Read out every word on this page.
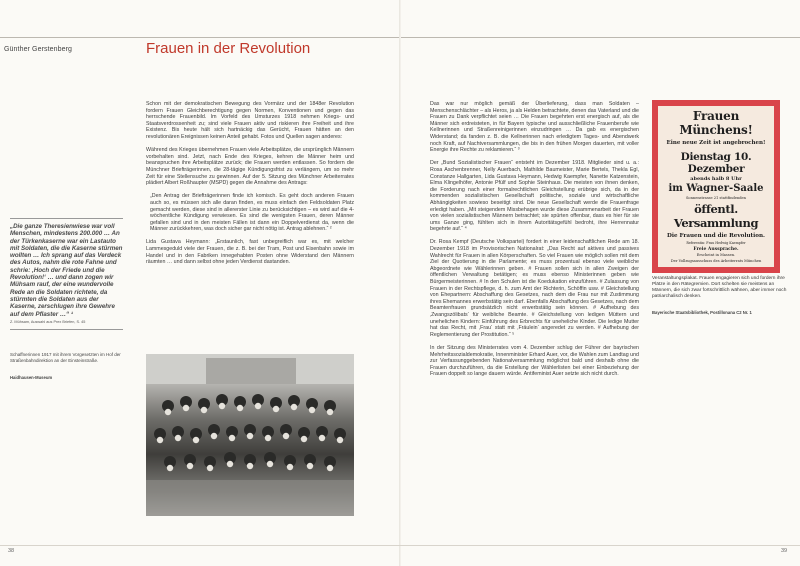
Günther Gerstenberg	Frauen in der Revolution
„Die ganze Theresienwiese war voll Menschen, mindestens 200.000 … An der Türkenkaserne war ein Lastauto mit Soldaten, die die Kaserne stürmen wollten … Ich sprang auf das Verdeck des Autos, nahm die rote Fahne und schrie: ‚Hoch der Friede und die Revolution!‘ … und dann zogen wir Mühsam rauf, der eine wundervolle Rede an die Soldaten richtete, da stürmten die Soldaten aus der Kaserne, zerschlugen ihre Gewehre auf dem Pflaster …“ ¹
Z. Mühsam, Auswahl aus Prex Briefen, S. 45
Schaffnerinnen 1917 mit ihrem Vorgesetzten im Hof der Straßenbahndirektion an der Einsteinstraße.
Haidhausen-Museum

Schon mit der demokratischen Bewegung des Vormärz und der 1848er Revolution fordern Frauen Gleichberechtigung gegen Normen, Konventionen und gegen das herrschende Frauenbild. Im Vorfeld des Umsturzes 1918 nehmen Kriegs- und Staatsverdrossenheit zu; sind viele Frauen aktiv und riskieren ihre Freiheit und ihre Existenz. Bis heute hält sich hartnäckig das Gerücht, Frauen hätten an den revolutionären Ereignissen keinen Anteil gehabt. Fotos und Quellen sagen anderes:

Während des Krieges übernehmen Frauen viele Arbeitsplätze, die ursprünglich Männern vorbehalten sind. Jetzt, nach Ende des Krieges, kehren die Männer heim und beanspruchen ihre Arbeitsplätze zurück; die Frauen werden entlassen. So fordern die Münchner Briefträgerinnen, die 28-tägige Kündigungsfrist zu verlängern, um so mehr Zeit für eine Stellensuche zu gewinnen. Auf der 5. Sitzung des Münchner Arbeiterrates plädiert Albert Roßhaupter (MSPD) gegen die Annahme des Antrags:

„Den Antrag der Briefträgerinnen finde ich komisch. Es geht doch anderen Frauen auch so, es müssen sich alle daran finden, es muss einfach den Feldsoldaten Platz gemacht werden, diese sind in allererster Linie zu berücksichtigen – es wird auf die 4-wöchentliche Kündigung verwiesen. Es sind die wenigsten Frauen, deren Männer gefallen sind und in den meisten Fällen ist dann ein Doppelverdienst da, wenn die Männer zurückkehren, was doch sicher gar nicht nötig ist. Antrag ablehnen.“ ²

Lida Gustava Heymann: „Erstaunlich, fast unbegreiflich war es, mit welcher Lammesgeduld viele der Frauen, die z. B. bei der Tram, Post und Eisenbahn sowie im Handel und in den Fabriken innegehabten Posten ohne Widerstand den Männern räumten … und dann selbst ohne jeden Verdienst dastanden.

Das war nur möglich gemäß der Überlieferung, dass man Soldaten – Menschenschlächter – als Heros, ja als Helden betrachtete, denen das Vaterland und die Frauen zu Dank verpflichtet seien … Die Frauen begehrten erst energisch auf, als die Männer sich erdreisteten, in für Bayern typische und ausschließliche Frauenberufe wie Kellnerinnen und Straßenreinigerinnen einzudringen … Da gab es energischen Widerstand; da fanden z. B. die Kellnerinnen nach erledigtem Tages- und Abendwerk noch Kraft, auf Nachtversammlungen, die bis in den frühen Morgen dauerten, mit voller Energie ihre Rechte zu reklamieren.“ ³

Der „Bund Sozialistischer Frauen“ entsteht im Dezember 1918. Mitglieder sind u. a.: Rosa Aschenbrenner, Nelly Auerbach, Mathilde Baumeister, Marie Bertels, Thekla Egl, Constanze Hallgarten, Lida Gustava Heymann, Hedwig Kaempfer, Nanette Katzenstein, Elma Klingelhöfer, Antonie Pfülf und Sophie Steinhaus. Die meisten von ihnen denken, die Forderung nach einer formalrechtlichen Gleichstellung erübrige sich, da in der kommenden sozialistischen Gesellschaft politische, soziale und wirtschaftliche Abhängigkeiten sowieso beseitigt sind. Die neue Gesellschaft werde die Frauenfrage erledigt haben. „Mit steigendem Missbehagen wurde diese Zusammenarbeit der Frauen von vielen sozialistischen Männern betrachtet; sie spürten offenbar, dass es hier für sie ums Ganze ging, fühlten sich in ihrem Autoritätsgefühl bedroht, ihre Herrennatur begehrte auf.“ ⁴

Dr. Rosa Kempf (Deutsche Volkspartei) fordert in einer leidenschaftlichen Rede am 18. Dezember 1918 im Provisorischen Nationalrat: „Das Recht auf aktives und passives Wahlrecht für Frauen in allen Körperschaften. So viel Frauen wie möglich sollen mit dem Ziel der Quotierung in die Parlamente; es muss prozentual ebenso viele weibliche Abgeordnete wie Wählerinnen geben. # Frauen sollen sich in allen Zweigen der öffentlichen Verwaltung betätigen; es muss ebenso Ministerinnen geben wie Bürgermeisterinnen. # In den Schulen ist die Koedukation einzuführen. # Zulassung von Frauen in der Rechtspflege, d. h. zum Amt der Richterin, Schöffin usw. # Gleichstellung von Ehepartnern: Abschaffung des Gesetzes, nach dem die Frau nur mit Zustimmung ihres Ehemannes erwerbstätig sein darf. Ebenfalls Abschaffung des Gesetzes, nach dem Beamtenfrauen grundsätzlich nicht erwerbstätig sein können. # Aufhebung des ‚Zwangszölibats‘ für weibliche Beamte. # Gleichstellung von ledigen Müttern und unehelichen Kindern: Einführung des Erbrechts für uneheliche Kinder. Die ledige Mutter hat das Recht, mit ‚Frau‘ statt mit ‚Fräulein‘ angeredet zu werden. # Aufhebung der Reglementierung der Prostitution.“ ⁵

In der Sitzung des Ministerrates vom 4. Dezember schlug der Führer der bayrischen Mehrheitssozialdemokratie, Innenminister Erhard Auer, vor, die Wahlen zum Landtag und zur Verfassunggebenden Nationalversammlung möglichst bald und deshalb ohne die Frauen durchzuführen, da die Erstellung der Wählerlisten bei einer Einbeziehung der Frauen doppelt so lange dauern würde. Antifeminist Auer setzte sich nicht durch.

Frauen Münchens!
Eine neue Zeit ist angebrochen!
Dienstag 10. Dezember
abends halb 8 Uhr
im Wagner-Saale
Sonnenstrasse 21 stattfindenden
öffentl. Versammlung
Die Frauen und die Revolution.
Referentin: Frau Hedwig Kaempfer
Freie Aussprache.
Erscheint in Massen.
Der Vollzugsausschuss des Arbeiterrats München
Veranstaltungsplakat. Frauen engagieren sich und fordern ihre Plätze in den Rätegremien. Dort schelten sie meistens an Männern, die sich zwar fortschrittlich wähnen, aber immer noch patriarchalisch denken.
Bayerische Staatsbibliothek, Postillonana C2 Nr. 1
38	39
